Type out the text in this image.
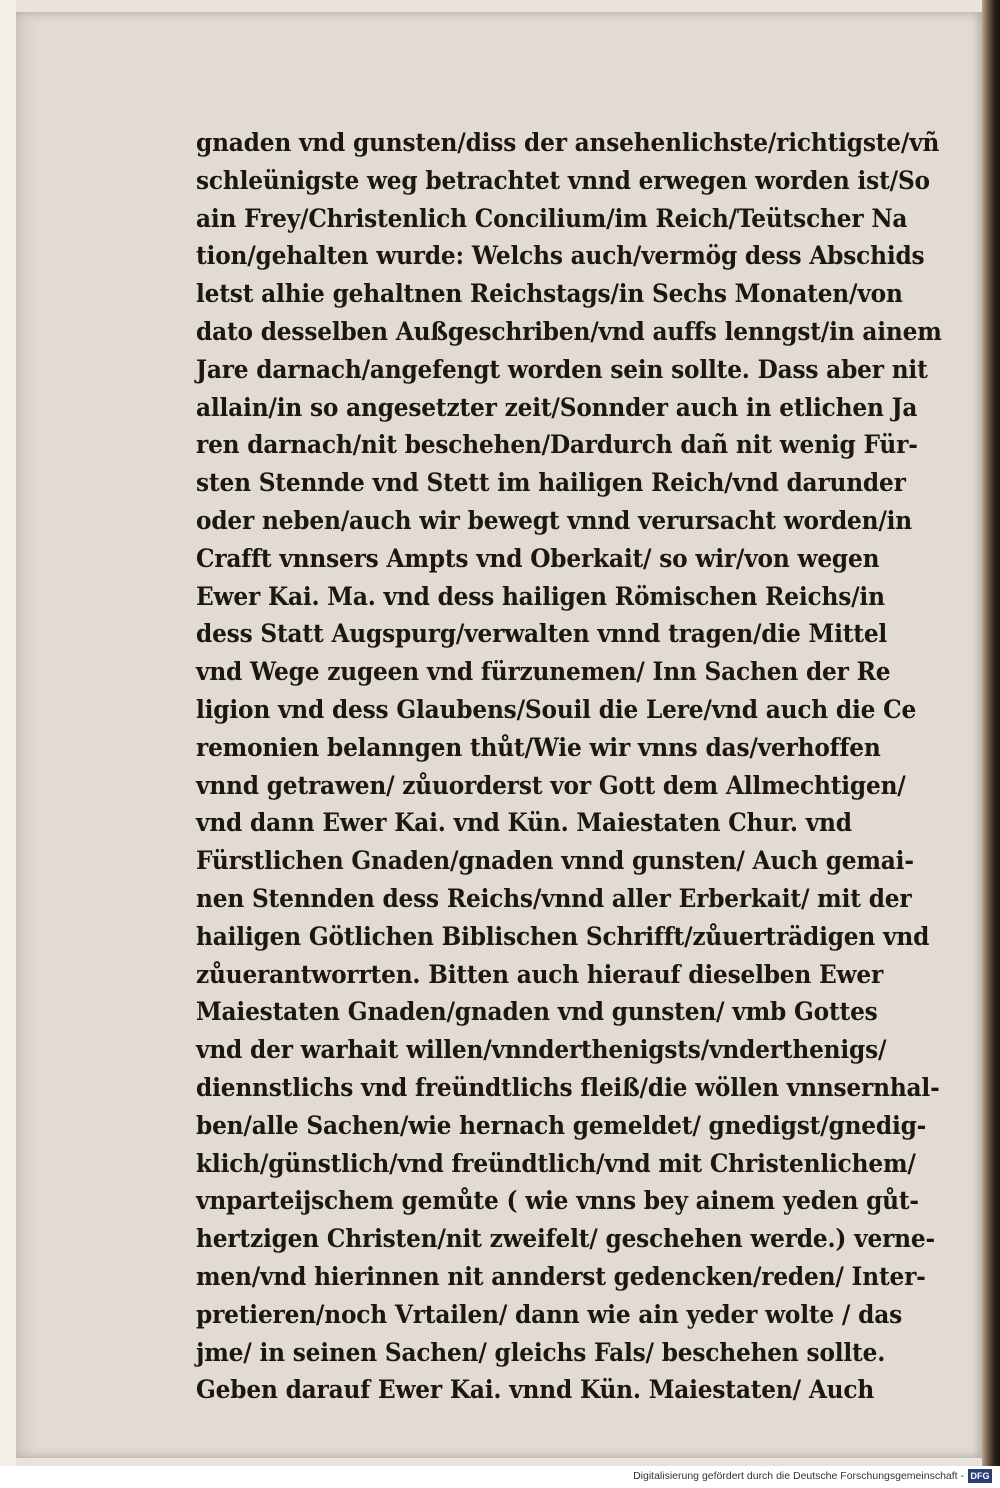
gnaden vnd gunsten/diss der ansehenlichste/richtigste/vñ
schleünigste weg betrachtet vnnd erwegen worden ist/So
ain Frey/Christenlich Concilium/im Reich/Teütscher Na
tion/gehalten wurde: Welchs auch/vermög dess Abschids
letst alhie gehaltnen Reichstags/in Sechs Monaten/von
dato desselben Außgeschriben/vnd auffs lenngst/in ainem
Jare darnach/angefengt worden sein sollte. Dass aber nit
allain/in so angesetzter zeit/Sonnder auch in etlichen Ja
ren darnach/nit beschehen/Dardurch dañ nit wenig Für-
sten Stennde vnd Stett im hailigen Reich/vnd darunder
oder neben/auch wir bewegt vnnd verursacht worden/in
Crafft vnnsers Ampts vnd Oberkait/ so wir/von wegen
Ewer Kai. Ma. vnd dess hailigen Römischen Reichs/in
dess Statt Augspurg/verwalten vnnd tragen/die Mittel
vnd Wege zugeen vnd fürzunemen/ Inn Sachen der Re
ligion vnd dess Glaubens/Souil die Lere/vnd auch die Ce
remonien belanngen thůt/Wie wir vnns das/verhoffen
vnnd getrawen/ zůuorderst vor Gott dem Allmechtigen/
vnd dann Ewer Kai. vnd Kün. Maiestaten Chur. vnd
Fürstlichen Gnaden/gnaden vnnd gunsten/ Auch gemai-
nen Stennden dess Reichs/vnnd aller Erberkait/ mit der
hailigen Götlichen Biblischen Schrifft/zůuerträdigen vnd
zůuerantworrten. Bitten auch hierauf dieselben Ewer
Maiestaten Gnaden/gnaden vnd gunsten/ vmb Gottes
vnd der warhait willen/vnnderthenigsts/vnderthenigs/
diennstlichs vnd freündtlichs fleiß/die wöllen vnnsernhal-
ben/alle Sachen/wie hernach gemeldet/ gnedigst/gnedig-
klich/günstlich/vnd freündtlich/vnd mit Christenlichem/
vnparteijschem gemůte ( wie vnns bey ainem yeden gůt-
hertzigen Christen/nit zweifelt/ geschehen werde.) verne-
men/vnd hierinnen nit annderst gedencken/reden/ Inter-
pretieren/noch Vrtailen/ dann wie ain yeder wolte / das
jme/ in seinen Sachen/ gleichs Fals/ beschehen sollte.
Geben darauf Ewer Kai. vnnd Kün. Maiestaten/ Auch
Digitalisierung gefördert durch die Deutsche Forschungsgemeinschaft - DFG
